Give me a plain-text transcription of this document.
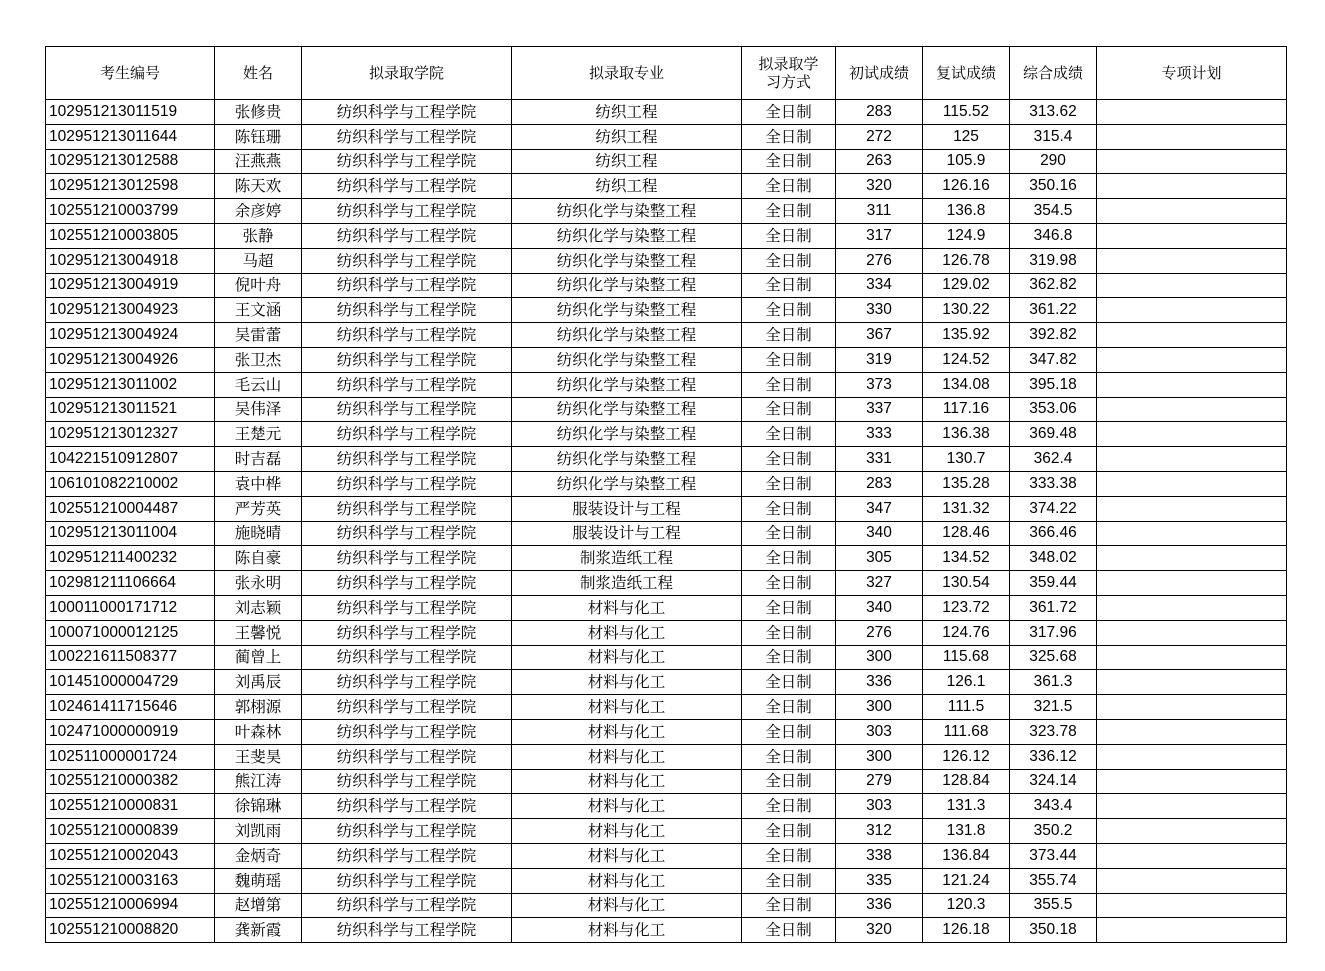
考生编号	姓名	拟录取学院	拟录取专业	拟录取学
习方式	初试成绩	复试成绩	综合成绩	专项计划
102951213011519	张修贵	纺织科学与工程学院	纺织工程	全日制	283	115.52	313.62	
102951213011644	陈钰珊	纺织科学与工程学院	纺织工程	全日制	272	125	315.4	
102951213012588	汪燕燕	纺织科学与工程学院	纺织工程	全日制	263	105.9	290	
102951213012598	陈天欢	纺织科学与工程学院	纺织工程	全日制	320	126.16	350.16	
102551210003799	余彦婷	纺织科学与工程学院	纺织化学与染整工程	全日制	311	136.8	354.5	
102551210003805	张静	纺织科学与工程学院	纺织化学与染整工程	全日制	317	124.9	346.8	
102951213004918	马超	纺织科学与工程学院	纺织化学与染整工程	全日制	276	126.78	319.98	
102951213004919	倪叶舟	纺织科学与工程学院	纺织化学与染整工程	全日制	334	129.02	362.82	
102951213004923	王文涵	纺织科学与工程学院	纺织化学与染整工程	全日制	330	130.22	361.22	
102951213004924	吴雷蕾	纺织科学与工程学院	纺织化学与染整工程	全日制	367	135.92	392.82	
102951213004926	张卫杰	纺织科学与工程学院	纺织化学与染整工程	全日制	319	124.52	347.82	
102951213011002	毛云山	纺织科学与工程学院	纺织化学与染整工程	全日制	373	134.08	395.18	
102951213011521	吴伟泽	纺织科学与工程学院	纺织化学与染整工程	全日制	337	117.16	353.06	
102951213012327	王楚元	纺织科学与工程学院	纺织化学与染整工程	全日制	333	136.38	369.48	
104221510912807	时吉磊	纺织科学与工程学院	纺织化学与染整工程	全日制	331	130.7	362.4	
106101082210002	袁中桦	纺织科学与工程学院	纺织化学与染整工程	全日制	283	135.28	333.38	
102551210004487	严芳英	纺织科学与工程学院	服装设计与工程	全日制	347	131.32	374.22	
102951213011004	施晓晴	纺织科学与工程学院	服装设计与工程	全日制	340	128.46	366.46	
102951211400232	陈自豪	纺织科学与工程学院	制浆造纸工程	全日制	305	134.52	348.02	
102981211106664	张永明	纺织科学与工程学院	制浆造纸工程	全日制	327	130.54	359.44	
100011000171712	刘志颖	纺织科学与工程学院	材料与化工	全日制	340	123.72	361.72	
100071000012125	王馨悦	纺织科学与工程学院	材料与化工	全日制	276	124.76	317.96	
100221611508377	蔺曾上	纺织科学与工程学院	材料与化工	全日制	300	115.68	325.68	
101451000004729	刘禹辰	纺织科学与工程学院	材料与化工	全日制	336	126.1	361.3	
102461411715646	郭栩源	纺织科学与工程学院	材料与化工	全日制	300	111.5	321.5	
102471000000919	叶森林	纺织科学与工程学院	材料与化工	全日制	303	111.68	323.78	
102511000001724	王斐昊	纺织科学与工程学院	材料与化工	全日制	300	126.12	336.12	
102551210000382	熊江涛	纺织科学与工程学院	材料与化工	全日制	279	128.84	324.14	
102551210000831	徐锦琳	纺织科学与工程学院	材料与化工	全日制	303	131.3	343.4	
102551210000839	刘凯雨	纺织科学与工程学院	材料与化工	全日制	312	131.8	350.2	
102551210002043	金炳奇	纺织科学与工程学院	材料与化工	全日制	338	136.84	373.44	
102551210003163	魏萌瑶	纺织科学与工程学院	材料与化工	全日制	335	121.24	355.74	
102551210006994	赵增第	纺织科学与工程学院	材料与化工	全日制	336	120.3	355.5	
102551210008820	龚新霞	纺织科学与工程学院	材料与化工	全日制	320	126.18	350.18	
